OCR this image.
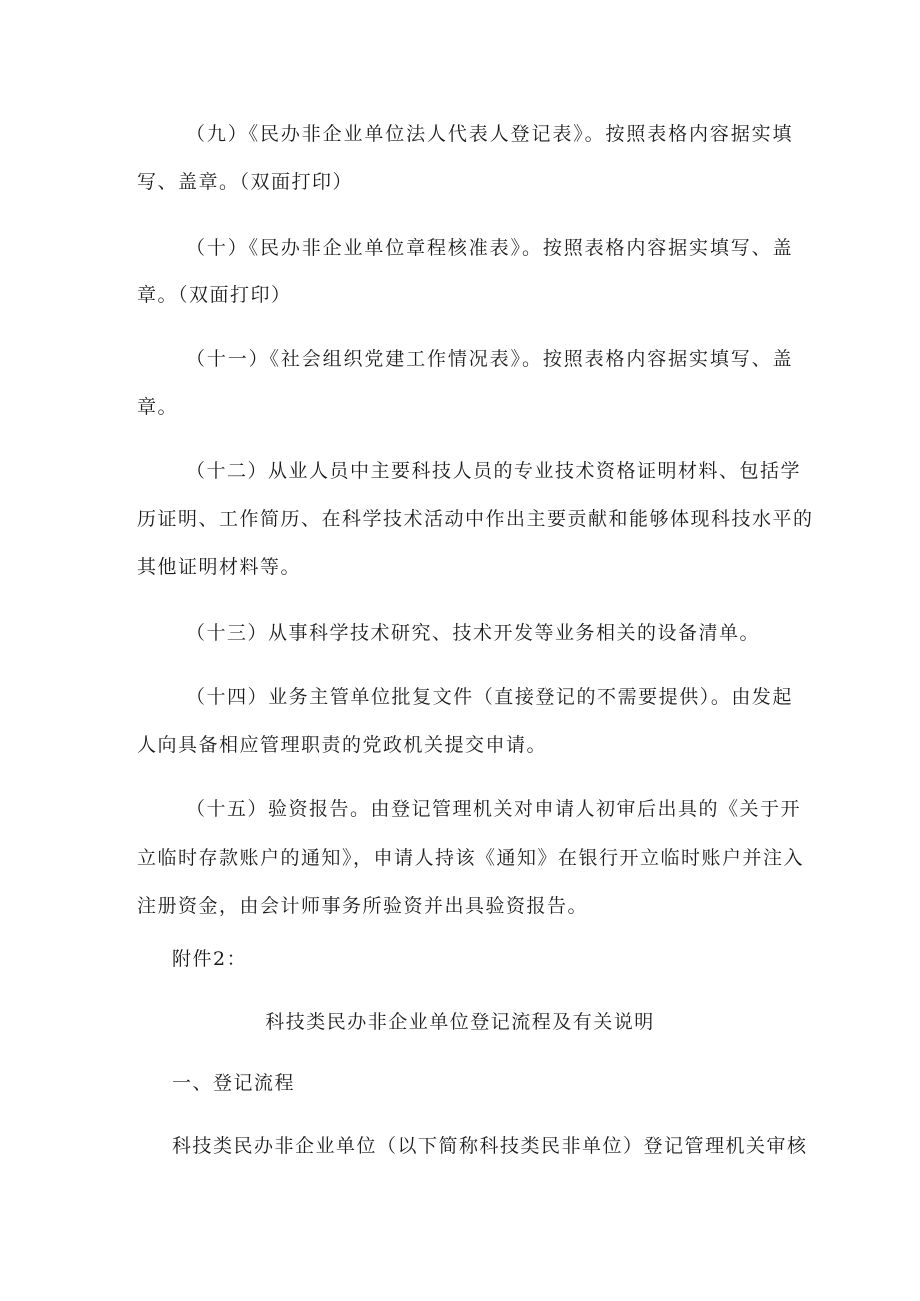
（九）《民办非企业单位法人代表人登记表》。按照表格内容据实填
写、盖章。（双面打印）
（十）《民办非企业单位章程核准表》。按照表格内容据实填写、盖
章。（双面打印）
（十一）《社会组织党建工作情况表》。按照表格内容据实填写、盖
章。
（十二）从业人员中主要科技人员的专业技术资格证明材料、包括学
历证明、工作简历、在科学技术活动中作出主要贡献和能够体现科技水平的
其他证明材料等。
（十三）从事科学技术研究、技术开发等业务相关的设备清单。
（十四）业务主管单位批复文件（直接登记的不需要提供）。由发起
人向具备相应管理职责的党政机关提交申请。
（十五）验资报告。由登记管理机关对申请人初审后出具的《关于开
立临时存款账户的通知》，申请人持该《通知》在银行开立临时账户并注入
注册资金，由会计师事务所验资并出具验资报告。
附件2：
科技类民办非企业单位登记流程及有关说明
一、登记流程
科技类民办非企业单位（以下简称科技类民非单位）登记管理机关审核
